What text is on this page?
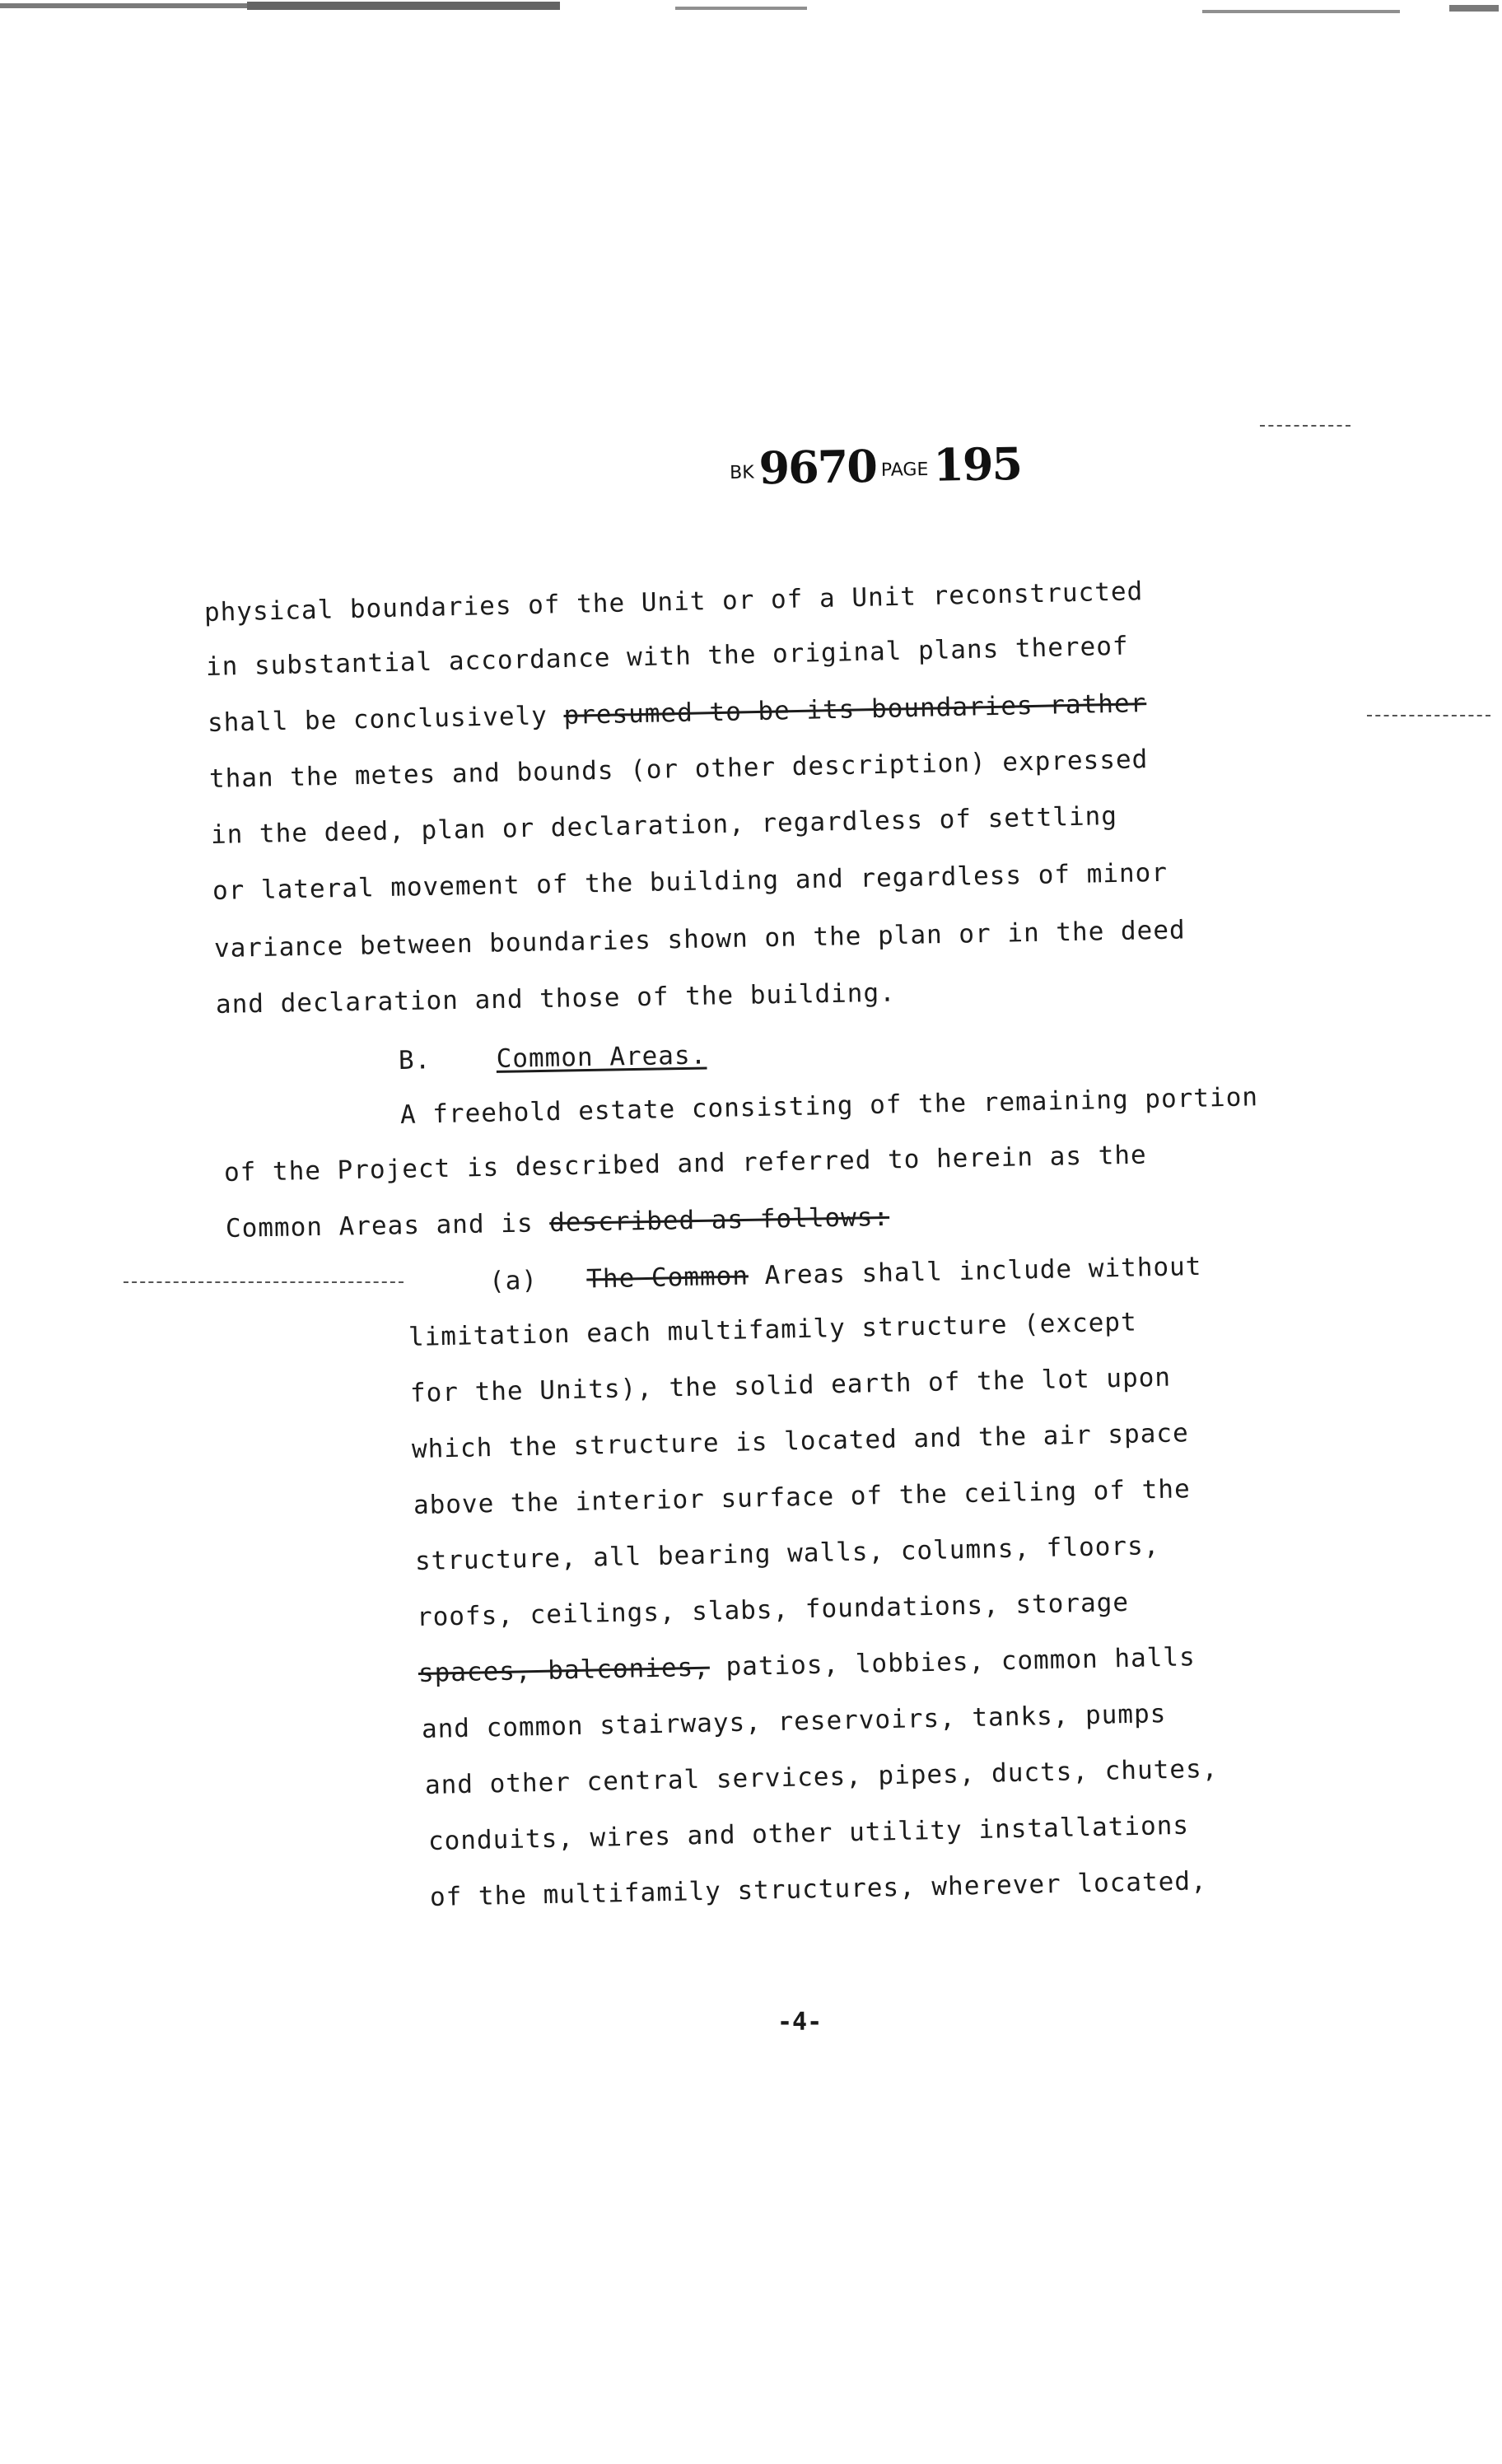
BK9670 PAGE195
physical boundaries of the Unit or of a Unit reconstructed
in substantial accordance with the original plans thereof
shall be conclusively presumed to be its boundaries rather
than the metes and bounds (or other description) expressed
in the deed, plan or declaration, regardless of settling
or lateral movement of the building and regardless of minor
variance between boundaries shown on the plan or in the deed
and declaration and those of the building.
B.	Common Areas.
A freehold estate consisting of the remaining portion
of the Project is described and referred to herein as the
Common Areas and is described as follows:
(a) The Common Areas shall include without
limitation each multifamily structure (except
for the Units), the solid earth of the lot upon
which the structure is located and the air space
above the interior surface of the ceiling of the
structure, all bearing walls, columns, floors,
roofs, ceilings, slabs, foundations, storage
spaces, balconies, patios, lobbies, common halls
and common stairways, reservoirs, tanks, pumps
and other central services, pipes, ducts, chutes,
conduits, wires and other utility installations
of the multifamily structures, wherever located,
-4-
